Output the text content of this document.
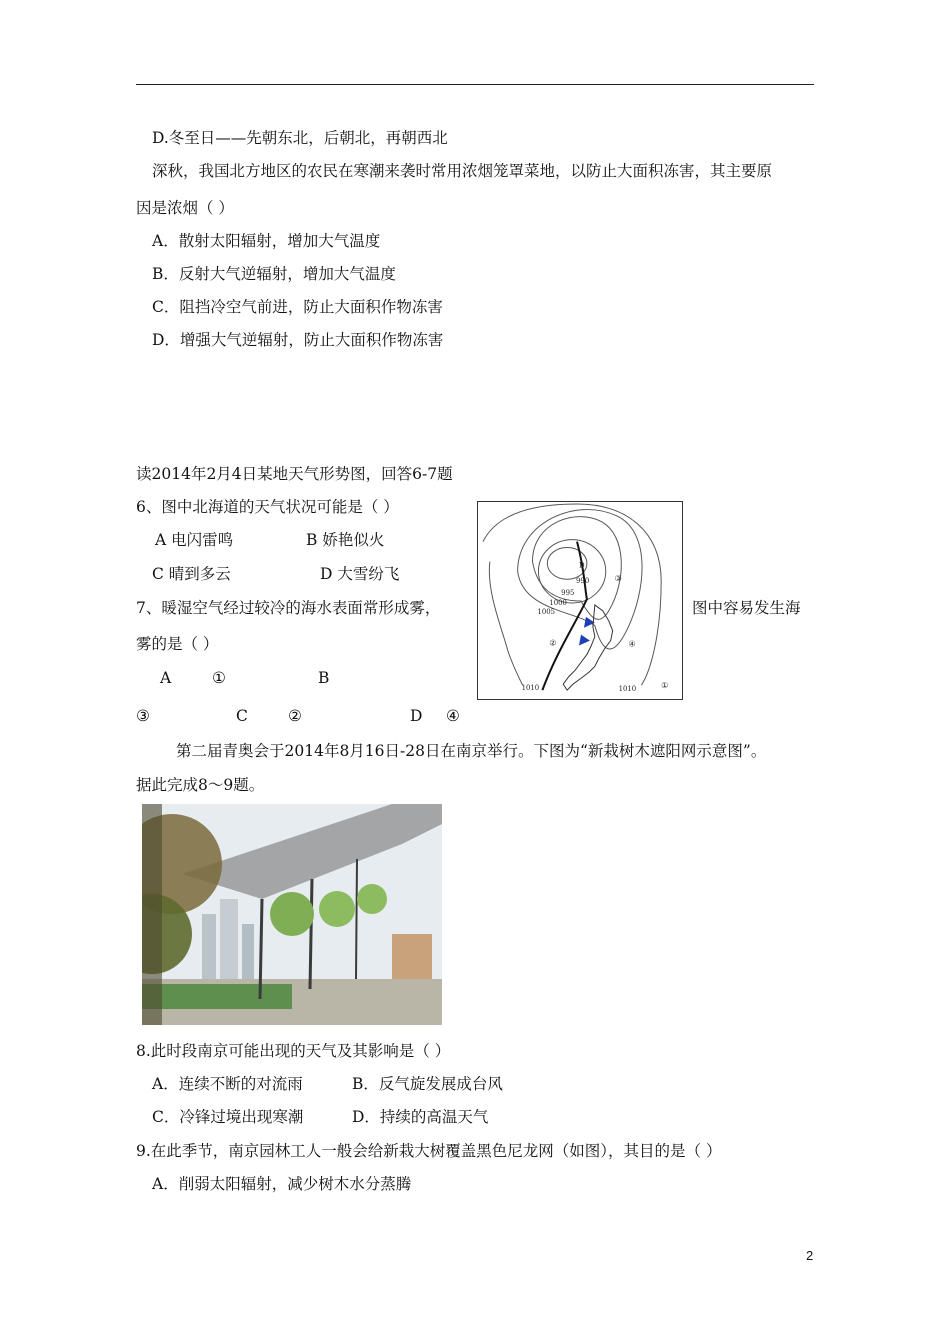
D.冬至日——先朝东北，后朝北，再朝西北
深秋，我国北方地区的农民在寒潮来袭时常用浓烟笼罩菜地，以防止大面积冻害，其主要原
因是浓烟（ ）
A．散射太阳辐射，增加大气温度
B．反射大气逆辐射，增加大气温度
C．阻挡冷空气前进，防止大面积作物冻害
D．增强大气逆辐射，防止大面积作物冻害
读2014年2月4日某地天气形势图，回答6-7题
6、图中北海道的天气状况可能是（ ）
A 电闪雷鸣	B 娇艳似火
C 晴到多云	D 大雪纷飞
7、暖湿空气经过较冷的海水表面常形成雾，	图中容易发生海
雾的是（ ）
A	①	B
③	C	②	D ④
D
990
995
1000
1005
1010	1010	①
②
③
④
第二届青奥会于2014年8月16日-28日在南京举行。下图为“新栽树木遮阳网示意图”。
据此完成8～9题。
8.此时段南京可能出现的天气及其影响是（ ）
A．连续不断的对流雨	B．反气旋发展成台风
C．冷锋过境出现寒潮	D．持续的高温天气
9.在此季节，南京园林工人一般会给新栽大树覆盖黑色尼龙网（如图），其目的是（ ）
A．削弱太阳辐射，减少树木水分蒸腾
2
